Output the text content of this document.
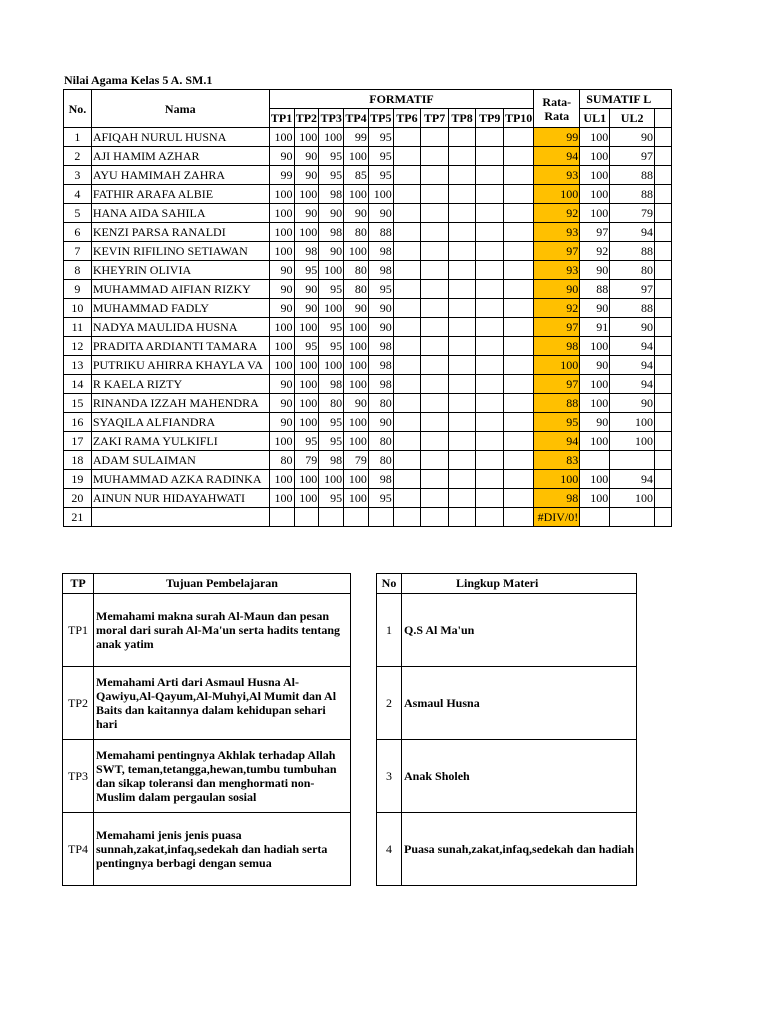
Nilai Agama Kelas 5 A. SM.1
No.	Nama	FORMATIF										Rata-
Rata	SUMATIF L		
		TP1	TP2	TP3	TP4	TP5	TP6	TP7	TP8	TP9	TP10		UL1	UL2	
1	AFIQAH NURUL HUSNA	100	100	100	99	95						99	100	90	
2	AJI HAMIM AZHAR	90	90	95	100	95						94	100	97	
3	AYU HAMIMAH ZAHRA	99	90	95	85	95						93	100	88	
4	FATHIR ARAFA ALBIE	100	100	98	100	100						100	100	88	
5	HANA AIDA SAHILA	100	90	90	90	90						92	100	79	
6	KENZI PARSA RANALDI	100	100	98	80	88						93	97	94	
7	KEVIN RIFILINO SETIAWAN	100	98	90	100	98						97	92	88	
8	KHEYRIN OLIVIA	90	95	100	80	98						93	90	80	
9	MUHAMMAD AIFIAN RIZKY	90	90	95	80	95						90	88	97	
10	MUHAMMAD FADLY	90	90	100	90	90						92	90	88	
11	NADYA MAULIDA HUSNA	100	100	95	100	90						97	91	90	
12	PRADITA ARDIANTI TAMARA	100	95	95	100	98						98	100	94	
13	PUTRIKU AHIRRA KHAYLA VA	100	100	100	100	98						100	90	94	
14	R KAELA RIZTY	90	100	98	100	98						97	100	94	
15	RINANDA IZZAH MAHENDRA	90	100	80	90	80						88	100	90	
16	SYAQILA ALFIANDRA	90	100	95	100	90						95	90	100	
17	ZAKI RAMA YULKIFLI	100	95	95	100	80						94	100	100	
18	ADAM SULAIMAN	80	79	98	79	80						83			
19	MUHAMMAD AZKA RADINKA	100	100	100	100	98						100	100	94	
20	AINUN NUR HIDAYAHWATI	100	100	95	100	95						98	100	100	
21												#DIV/0!			
TP	Tujuan Pembelajaran
TP1	Memahami makna surah Al-Maun dan pesan moral dari surah Al-Ma'un serta hadits tentang anak yatim
TP2	Memahami Arti dari Asmaul Husna Al-Qawiyu,Al-Qayum,Al-Muhyi,Al Mumit dan Al Baits dan kaitannya dalam kehidupan sehari hari
TP3	Memahami pentingnya Akhlak terhadap Allah SWT, teman,tetangga,hewan,tumbu tumbuhan dan sikap toleransi dan menghormati non-Muslim dalam pergaulan sosial
TP4	Memahami jenis jenis puasa sunnah,zakat,infaq,sedekah dan hadiah serta pentingnya berbagi dengan semua
No	Lingkup Materi
1	Q.S Al Ma'un
2	Asmaul Husna
3	Anak Sholeh
4	Puasa sunah,zakat,infaq,sedekah dan hadiah
